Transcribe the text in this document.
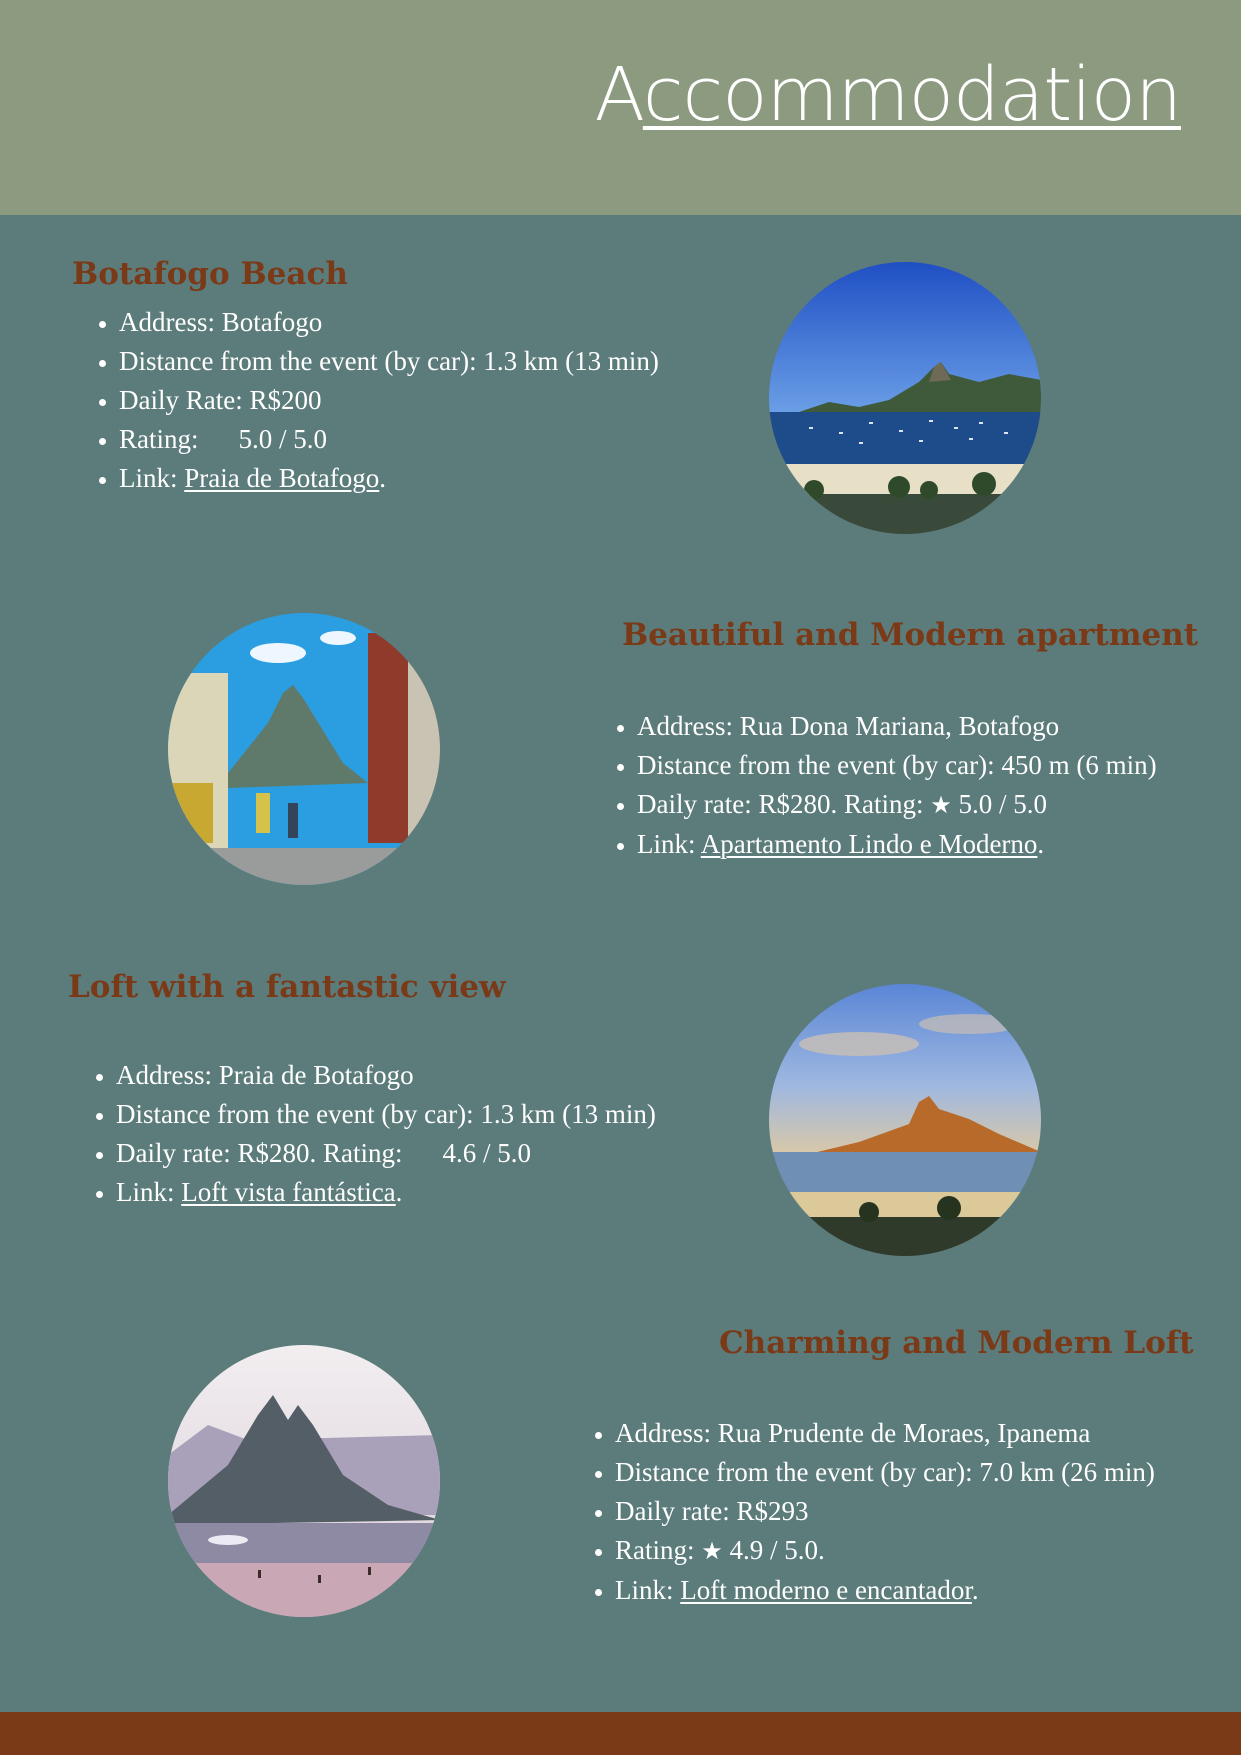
Accommodation
Botafogo Beach
• Address: Botafogo
• Distance from the event (by car): 1.3 km (13 min)
• Daily Rate: R$200
• Rating: 5.0 / 5.0
• Link: Praia de Botafogo.
Beautiful and Modern apartment
• Address: Rua Dona Mariana, Botafogo
• Distance from the event (by car): 450 m (6 min)
• Daily rate: R$280. Rating: ★ 5.0 / 5.0
• Link: Apartamento Lindo e Moderno.
Loft with a fantastic view
• Address: Praia de Botafogo
• Distance from the event (by car): 1.3 km (13 min)
• Daily rate: R$280. Rating: 4.6 / 5.0
• Link: Loft vista fantástica.
Charming and Modern Loft
• Address: Rua Prudente de Moraes, Ipanema
• Distance from the event (by car): 7.0 km (26 min)
• Daily rate: R$293
• Rating: ★ 4.9 / 5.0.
• Link: Loft moderno e encantador.
